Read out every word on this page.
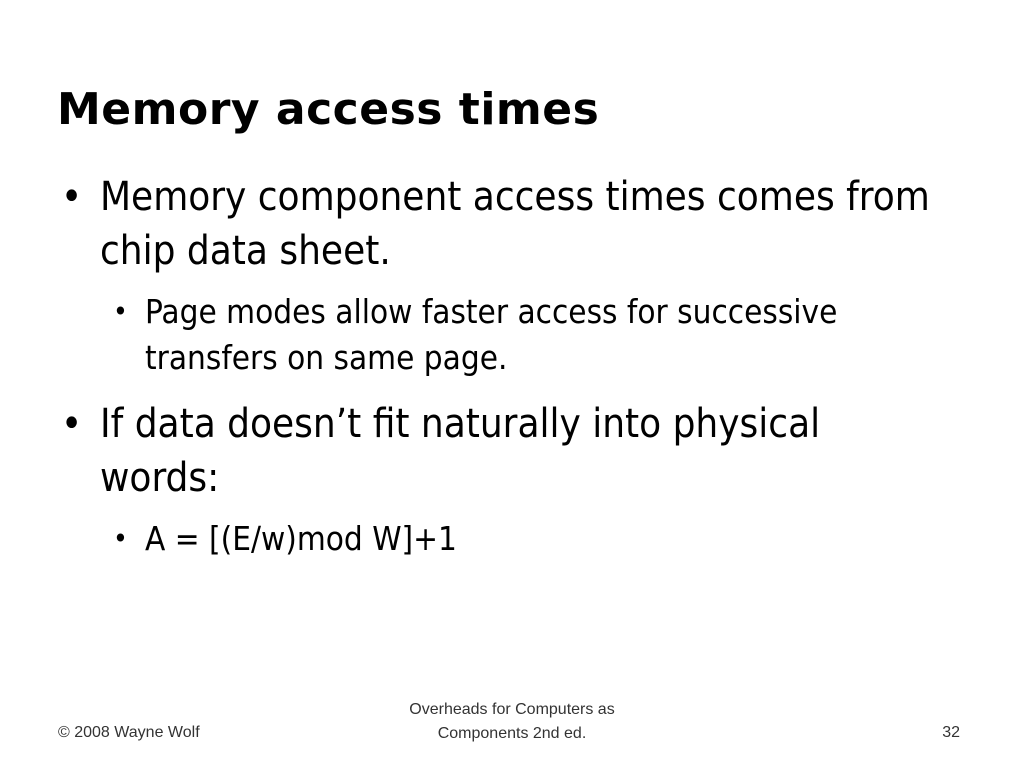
Memory access times
• Memory component access times comes from chip data sheet.
• Page modes allow faster access for successive transfers on same page.
• If data doesn’t fit naturally into physical words:
• A = [(E/w)mod W]+1
© 2008 Wayne Wolf
Overheads for Computers as
Components 2nd ed.	32
